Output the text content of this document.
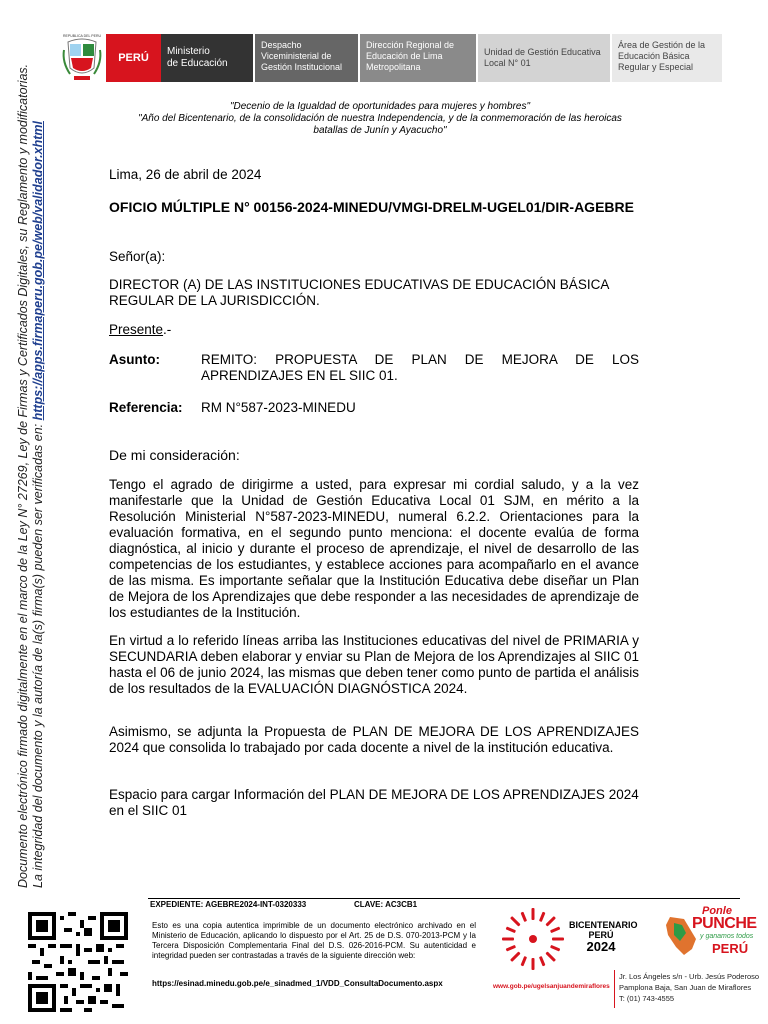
REPUBLICA DEL PERU
PERÚ	Ministerio
de Educación
Despacho Viceministerial de Gestión Institucional
Dirección Regional de Educación de Lima Metropolitana
Unidad de Gestión Educativa Local N° 01
Área de Gestión de la Educación Básica Regular y Especial
"Decenio de la Igualdad de oportunidades para mujeres y hombres"
"Año del Bicentenario, de la consolidación de nuestra Independencia, y de la conmemoración de las heroicas batallas de Junín y Ayacucho"
Documento electrónico firmado digitalmente en el marco de la Ley N° 27269, Ley de Firmas y Certificados Digitales, su Reglamento y modificatorias. La integridad del documento y la autoría de la(s) firma(s) pueden ser verificadas en: https://apps.firmaperu.gob.pe/web/validador.xhtml	Lima, 26 de abril de 2024
OFICIO MÚLTIPLE N° 00156-2024-MINEDU/VMGI-DRELM-UGEL01/DIR-AGEBRE
Señor(a):
DIRECTOR (A) DE LAS INSTITUCIONES EDUCATIVAS DE EDUCACIÓN BÁSICA REGULAR DE LA JURISDICCIÓN.
Presente.-
Asunto:	REMITO: PROPUESTA DE PLAN DE MEJORA DE LOS APRENDIZAJES EN EL SIIC 01.
Referencia:	RM N°587-2023-MINEDU
De mi consideración:
Tengo el agrado de dirigirme a usted, para expresar mi cordial saludo, y a la vez manifestarle que la Unidad de Gestión Educativa Local 01 SJM, en mérito a la Resolución Ministerial N°587-2023-MINEDU, numeral 6.2.2. Orientaciones para la evaluación formativa, en el segundo punto menciona: el docente evalúa de forma diagnóstica, al inicio y durante el proceso de aprendizaje, el nivel de desarrollo de las competencias de los estudiantes, y establece acciones para acompañarlo en el avance de las misma. Es importante señalar que la Institución Educativa debe diseñar un Plan de Mejora de los Aprendizajes que debe responder a las necesidades de aprendizaje de los estudiantes de la Institución.
En virtud a lo referido líneas arriba las Instituciones educativas del nivel de PRIMARIA y SECUNDARIA deben elaborar y enviar su Plan de Mejora de los Aprendizajes al SIIC 01 hasta el 06 de junio 2024, las mismas que deben tener como punto de partida el análisis de los resultados de la EVALUACIÓN DIAGNÓSTICA 2024.
Asimismo, se adjunta la Propuesta de PLAN DE MEJORA DE LOS APRENDIZAJES 2024 que consolida lo trabajado por cada docente a nivel de la institución educativa.
Espacio para cargar Información del PLAN DE MEJORA DE LOS APRENDIZAJES 2024 en el SIIC 01
EXPEDIENTE: AGEBRE2024-INT-0320333	CLAVE: AC3CB1
Esto es una copia autentica imprimible de un documento electrónico archivado en el Ministerio de Educación, aplicando lo dispuesto por el Art. 25 de D.S. 070-2013-PCM y la Tercera Disposición Complementaria Final del D.S. 026-2016-PCM. Su autenticidad e integridad pueden ser contrastadas a través de la siguiente dirección web:
https://esinad.minedu.gob.pe/e_sinadmed_1/VDD_ConsultaDocumento.aspx
BICENTENARIO
PERÚ
2024
Ponle
PUNCHE
y ganamos todos
PERÚ
www.gob.pe/ugelsanjuandemiraflores
Jr. Los Ángeles s/n - Urb. Jesús Poderoso
Pamplona Baja, San Juan de Miraflores
T: (01) 743-4555
